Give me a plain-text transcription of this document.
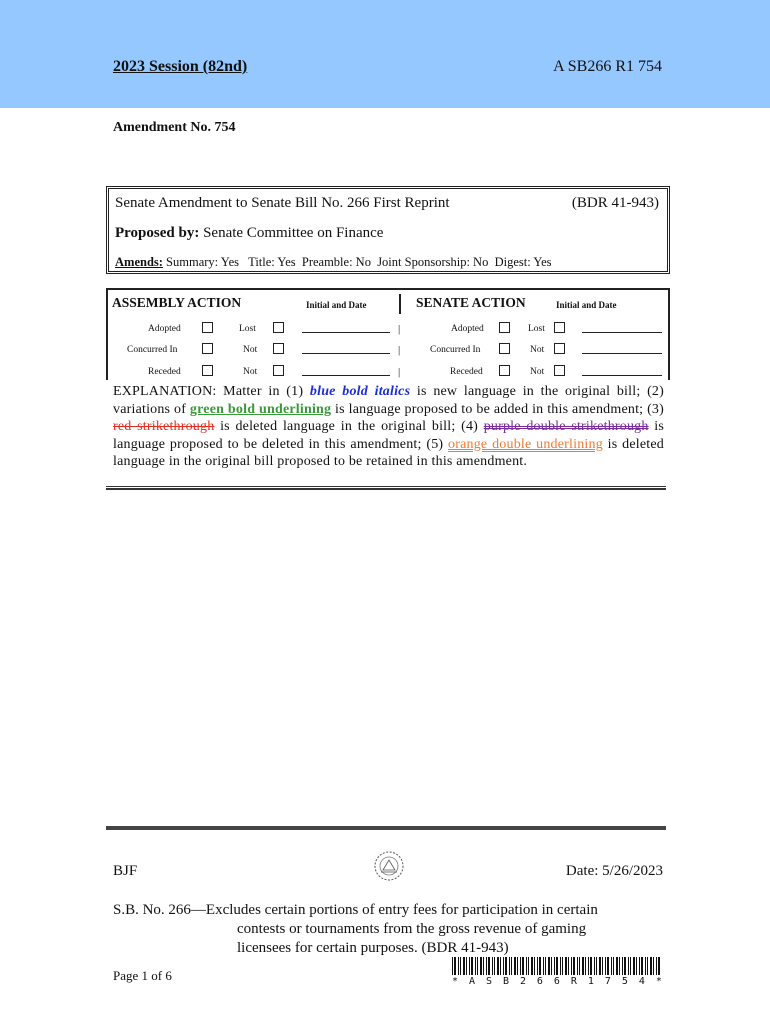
2023 Session (82nd)	A SB266 R1 754
Amendment No. 754
Senate Amendment to Senate Bill No. 266 First Reprint	(BDR 41-943)
Proposed by: Senate Committee on Finance
Amends: Summary: Yes   Title: Yes  Preamble: No  Joint Sponsorship: No  Digest: Yes
ASSEMBLY ACTION	Initial and Date	SENATE ACTION	Initial and Date
Adopted	Lost	|	Adopted	Lost
Concurred In	Not	|	Concurred In	Not
Receded	Not	|	Receded	Not
EXPLANATION: Matter in (1) blue bold italics is new language in the original bill; (2) variations of green bold underlining is language proposed to be added in this amendment; (3) red strikethrough is deleted language in the original bill; (4) purple double strikethrough is language proposed to be deleted in this amendment; (5) orange double underlining is deleted language in the original bill proposed to be retained in this amendment.
BJF	Date: 5/26/2023
S.B. No. 266—Excludes certain portions of entry fees for participation in certain
contests or tournaments from the gross revenue of gaming
licensees for certain purposes. (BDR 41-943)
Page 1 of 6	* A S B 2 6 6 R 1 7 5 4 *
